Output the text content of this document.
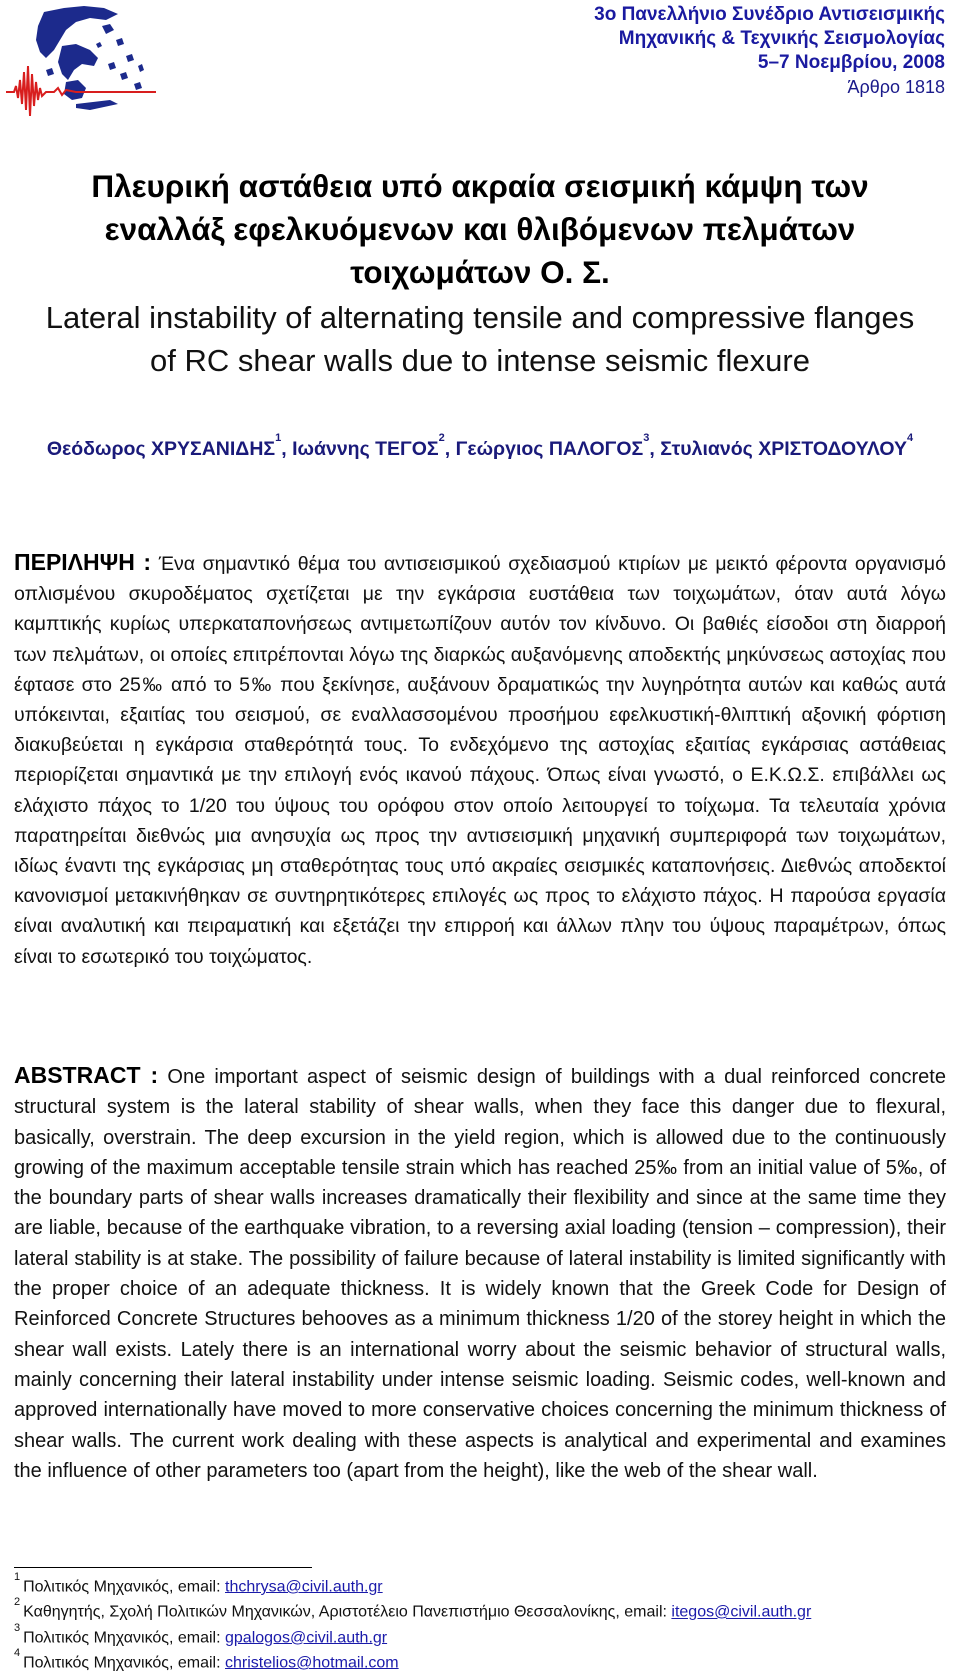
3ο Πανελλήνιο Συνέδριο Αντισεισμικής
Μηχανικής & Τεχνικής Σεισμολογίας
5–7 Νοεμβρίου, 2008
Άρθρο 1818
Πλευρική αστάθεια υπό ακραία σεισμική κάμψη των
εναλλάξ εφελκυόμενων και θλιβόμενων πελμάτων
τοιχωμάτων Ο. Σ.
Lateral instability of alternating tensile and compressive flanges
of RC shear walls due to intense seismic flexure
Θεόδωρος ΧΡΥΣΑΝΙΔΗΣ$^1$, Ιωάννης ΤΕΓΟΣ$^2$, Γεώργιος ΠΑΛΟΓΟΣ$^3$, Στυλιανός ΧΡΙΣΤΟΔΟΥΛΟΥ$^4$
ΠΕΡΙΛΗΨΗ : Ένα σημαντικό θέμα του αντισεισμικού σχεδιασμού κτιρίων με μεικτό φέροντα οργανισμό οπλισμένου σκυροδέματος σχετίζεται με την εγκάρσια ευστάθεια των τοιχωμάτων, όταν αυτά λόγω καμπτικής κυρίως υπερκαταπονήσεως αντιμετωπίζουν αυτόν τον κίνδυνο. Οι βαθιές είσοδοι στη διαρροή των πελμάτων, οι οποίες επιτρέπονται λόγω της διαρκώς αυξανόμενης αποδεκτής μηκύνσεως αστοχίας που έφτασε στο 25‰ από το 5‰ που ξεκίνησε, αυξάνουν δραματικώς την λυγηρότητα αυτών και καθώς αυτά υπόκεινται, εξαιτίας του σεισμού, σε εναλλασσομένου προσήμου εφελκυστική-θλιπτική αξονική φόρτιση διακυβεύεται η εγκάρσια σταθερότητά τους. Το ενδεχόμενο της αστοχίας εξαιτίας εγκάρσιας αστάθειας περιορίζεται σημαντικά με την επιλογή ενός ικανού πάχους. Όπως είναι γνωστό, ο Ε.Κ.Ω.Σ. επιβάλλει ως ελάχιστο πάχος το 1/20 του ύψους του ορόφου στον οποίο λειτουργεί το τοίχωμα. Τα τελευταία χρόνια παρατηρείται διεθνώς μια ανησυχία ως προς την αντισεισμική μηχανική συμπεριφορά των τοιχωμάτων, ιδίως έναντι της εγκάρσιας μη σταθερότητας τους υπό ακραίες σεισμικές καταπονήσεις. Διεθνώς αποδεκτοί κανονισμοί μετακινήθηκαν σε συντηρητικότερες επιλογές ως προς το ελάχιστο πάχος. Η παρούσα εργασία είναι αναλυτική και πειραματική και εξετάζει την επιρροή και άλλων πλην του ύψους παραμέτρων, όπως είναι το εσωτερικό του τοιχώματος.
ABSTRACT : One important aspect of seismic design of buildings with a dual reinforced concrete structural system is the lateral stability of shear walls, when they face this danger due to flexural, basically, overstrain. The deep excursion in the yield region, which is allowed due to the continuously growing of the maximum acceptable tensile strain which has reached 25‰ from an initial value of 5‰, of the boundary parts of shear walls increases dramatically their flexibility and since at the same time they are liable, because of the earthquake vibration, to a reversing axial loading (tension – compression), their lateral stability is at stake. The possibility of failure because of lateral instability is limited significantly with the proper choice of an adequate thickness. It is widely known that the Greek Code for Design of Reinforced Concrete Structures behooves as a minimum thickness 1/20 of the storey height in which the shear wall exists. Lately there is an international worry about the seismic behavior of structural walls, mainly concerning their lateral instability under intense seismic loading. Seismic codes, well-known and approved internationally have moved to more conservative choices concerning the minimum thickness of shear walls. The current work dealing with these aspects is analytical and experimental and examines the influence of other parameters too (apart from the height), like the web of the shear wall.
$^1$Πολιτικός Μηχανικός, email: thchrysa@civil.auth.gr
$^2$Καθηγητής, Σχολή Πολιτικών Μηχανικών, Αριστοτέλειο Πανεπιστήμιο Θεσσαλονίκης, email: itegos@civil.auth.gr
$^3$Πολιτικός Μηχανικός, email: gpalogos@civil.auth.gr
$^4$Πολιτικός Μηχανικός, email: christelios@hotmail.com
